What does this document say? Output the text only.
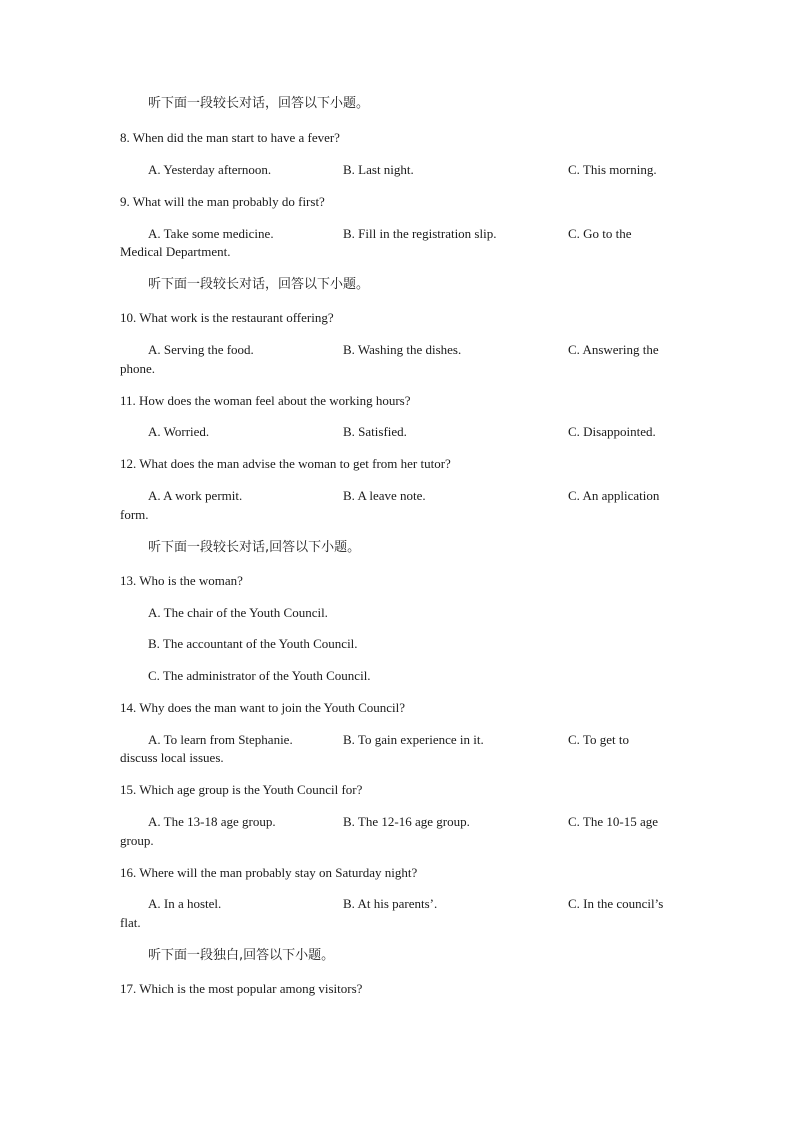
听下面一段较长对话，回答以下小题。
8. When did the man start to have a fever?
A. Yesterday afternoon.	B. Last night.	C. This morning.
9. What will the man probably do first?
A. Take some medicine.	B. Fill in the registration slip.	C. Go to the
Medical Department.
听下面一段较长对话，回答以下小题。
10. What work is the restaurant offering?
A. Serving the food.	B. Washing the dishes.	C. Answering the
phone.
11. How does the woman feel about the working hours?
A. Worried.	B. Satisfied.	C. Disappointed.
12. What does the man advise the woman to get from her tutor?
A. A work permit.	B. A leave note.	C. An application
form.
听下面一段较长对话,回答以下小题。
13. Who is the woman?
A. The chair of the Youth Council.
B. The accountant of the Youth Council.
C. The administrator of the Youth Council.
14. Why does the man want to join the Youth Council?
A. To learn from Stephanie.	B. To gain experience in it.	C. To get to
discuss local issues.
15. Which age group is the Youth Council for?
A. The 13-18 age group.	B. The 12-16 age group.	C. The 10-15 age
group.
16. Where will the man probably stay on Saturday night?
A. In a hostel.	B. At his parents’.	C. In the council’s
flat.
听下面一段独白,回答以下小题。
17. Which is the most popular among visitors?
